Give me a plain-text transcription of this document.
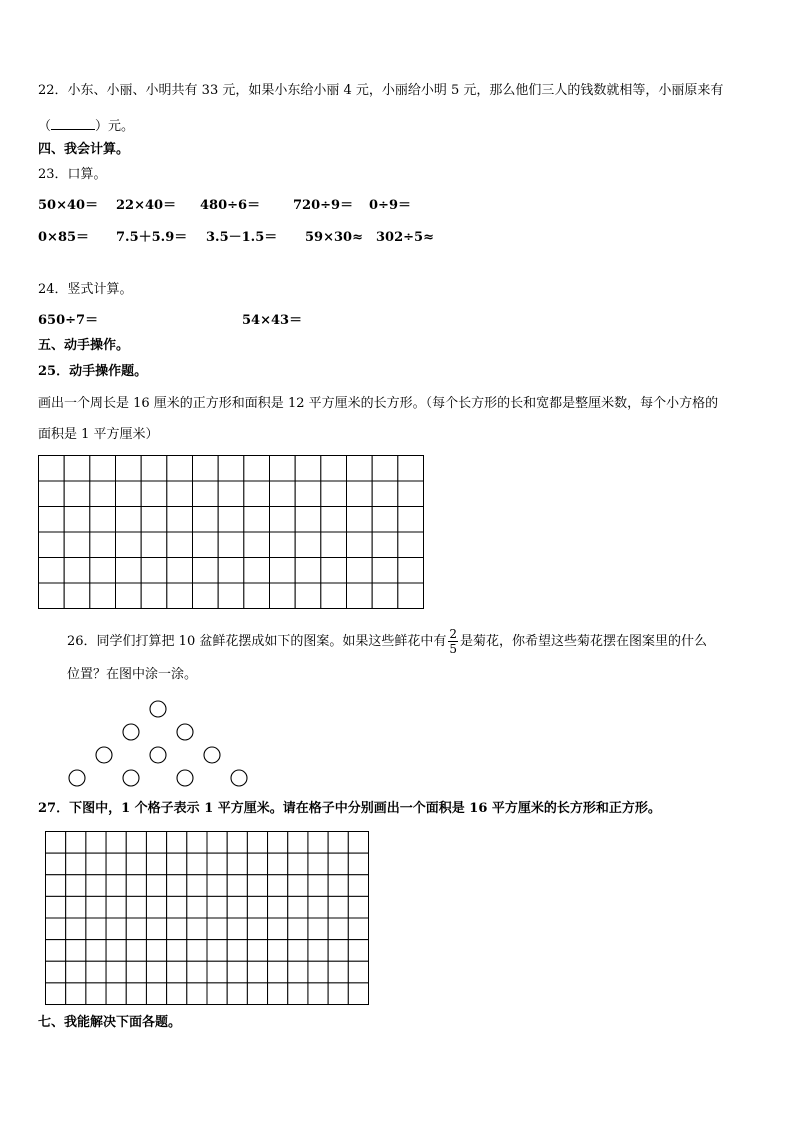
22．小东、小丽、小明共有 33 元，如果小东给小丽 4 元，小丽给小明 5 元，那么他们三人的钱数就相等，小丽原来有
（	）元。
四、我会计算。
23．口算。
50×40＝ 22×40＝ 480÷6＝	720÷9＝ 0÷9＝
0×85＝ 7.5＋5.9＝ 3.5－1.5＝ 59×30≈ 302÷5≈
24．竖式计算。
650÷7＝	54×43＝
五、动手操作。
25．动手操作题。
画出一个周长是 16 厘米的正方形和面积是 12 平方厘米的长方形。（每个长方形的长和宽都是整厘米数，每个小方格的
面积是 1 平方厘米）
26．同学们打算把 10 盆鲜花摆成如下的图案。如果这些鲜花中有 $\frac{2}{5}$ 是菊花，你希望这些菊花摆在图案里的什么
位置？在图中涂一涂。
27．下图中，1 个格子表示 1 平方厘米。请在格子中分别画出一个面积是 16 平方厘米的长方形和正方形。
七、我能解决下面各题。
